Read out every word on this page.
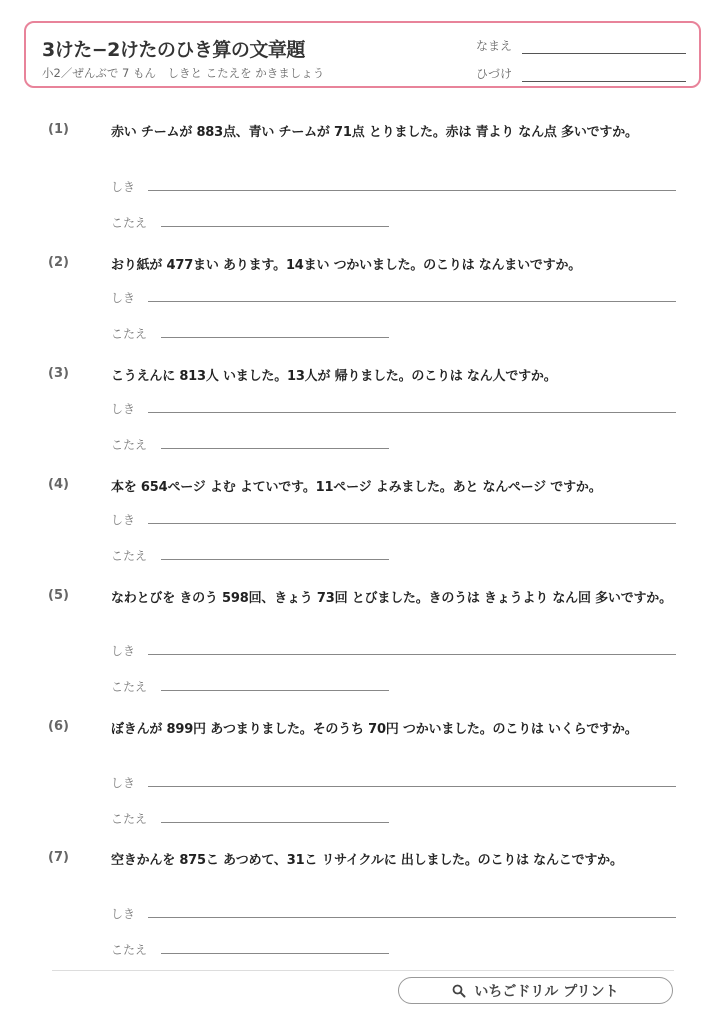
3けた−2けたのひき算の文章題
小2／ぜんぶで 7 もん　しきと こたえを かきましょう
なまえ
ひづけ
(1)	赤い チームが 883点、青い チームが 71点 とりました。赤は 青より なん点 多いですか。
しき
こたえ
(2)	おり紙が 477まい あります。14まい つかいました。のこりは なんまいですか。
しき
こたえ
(3)	こうえんに 813人 いました。13人が 帰りました。のこりは なん人ですか。
しき
こたえ
(4)	本を 654ページ よむ よていです。11ページ よみました。あと なんページ ですか。
しき
こたえ
(5)	なわとびを きのう 598回、きょう 73回 とびました。きのうは きょうより なん回 多いですか。
しき
こたえ
(6)	ぼきんが 899円 あつまりました。そのうち 70円 つかいました。のこりは いくらですか。
しき
こたえ
(7)	空きかんを 875こ あつめて、31こ リサイクルに 出しました。のこりは なんこですか。
しき
こたえ
いちごドリル プリント
